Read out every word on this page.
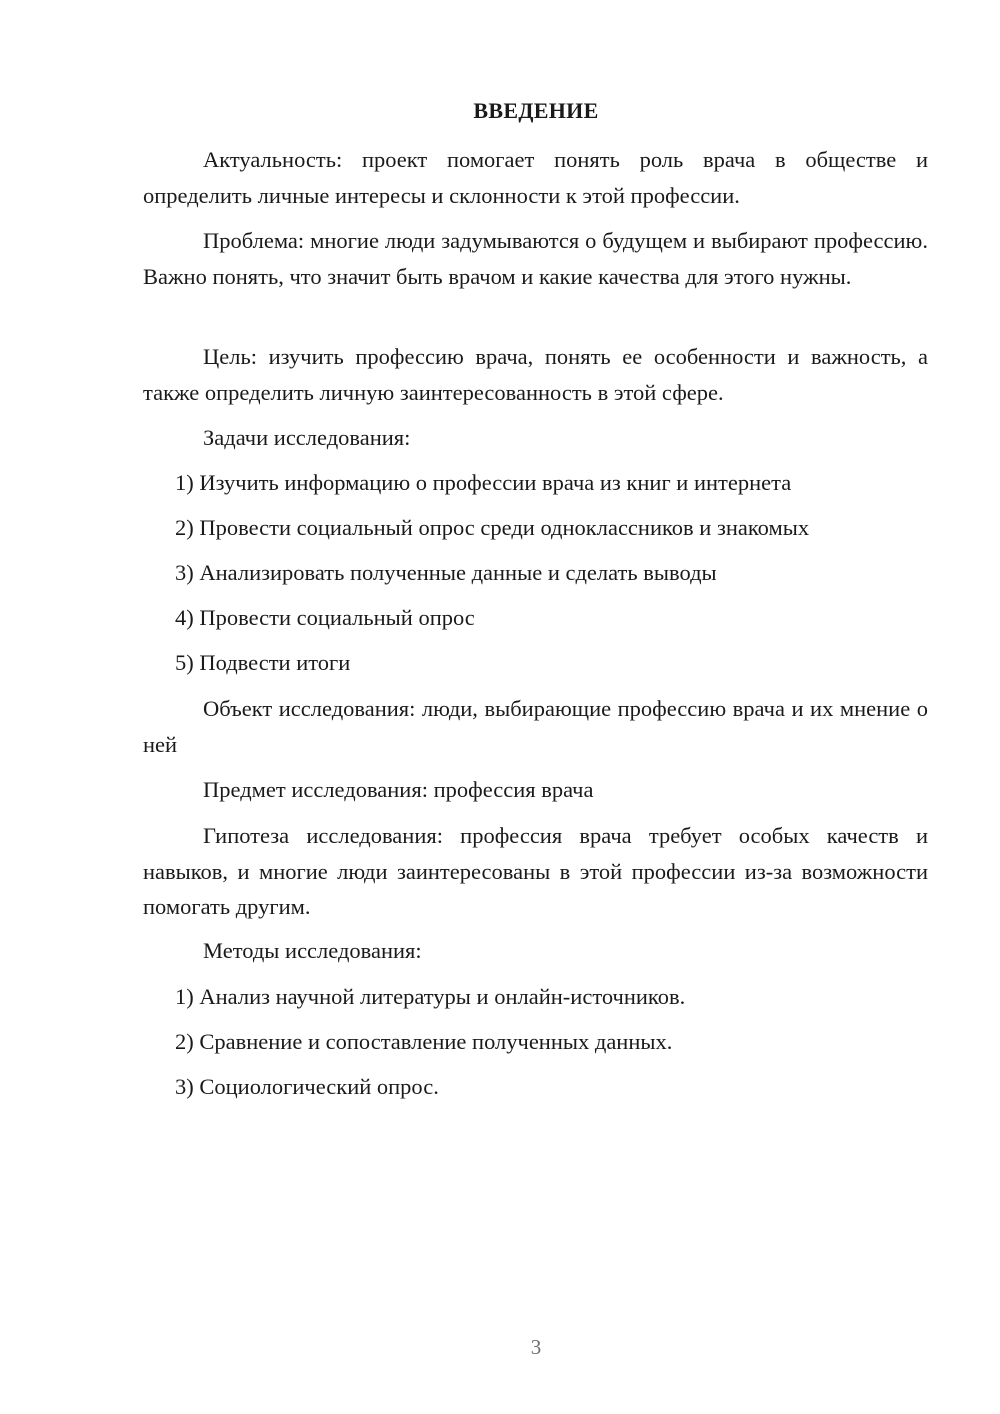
ВВЕДЕНИЕ

Актуальность: проект помогает понять роль врача в обществе и определить личные интересы и склонности к этой профессии.

Проблема: многие люди задумываются о будущем и выбирают профессию. Важно понять, что значит быть врачом и какие качества для этого нужны.

Цель: изучить профессию врача, понять ее особенности и важность, а также определить личную заинтересованность в этой сфере.

Задачи исследования:

1) Изучить информацию о профессии врача из книг и интернета

2) Провести социальный опрос среди одноклассников и знакомых

3) Анализировать полученные данные и сделать выводы

4) Провести социальный опрос

5) Подвести итоги

Объект исследования: люди, выбирающие профессию врача и их мнение о ней

Предмет исследования: профессия врача

Гипотеза исследования: профессия врача требует особых качеств и навыков, и многие люди заинтересованы в этой профессии из-за возможности помогать другим.

Методы исследования:

1) Анализ научной литературы и онлайн-источников.

2) Сравнение и сопоставление полученных данных.

3) Социологический опрос.

3
